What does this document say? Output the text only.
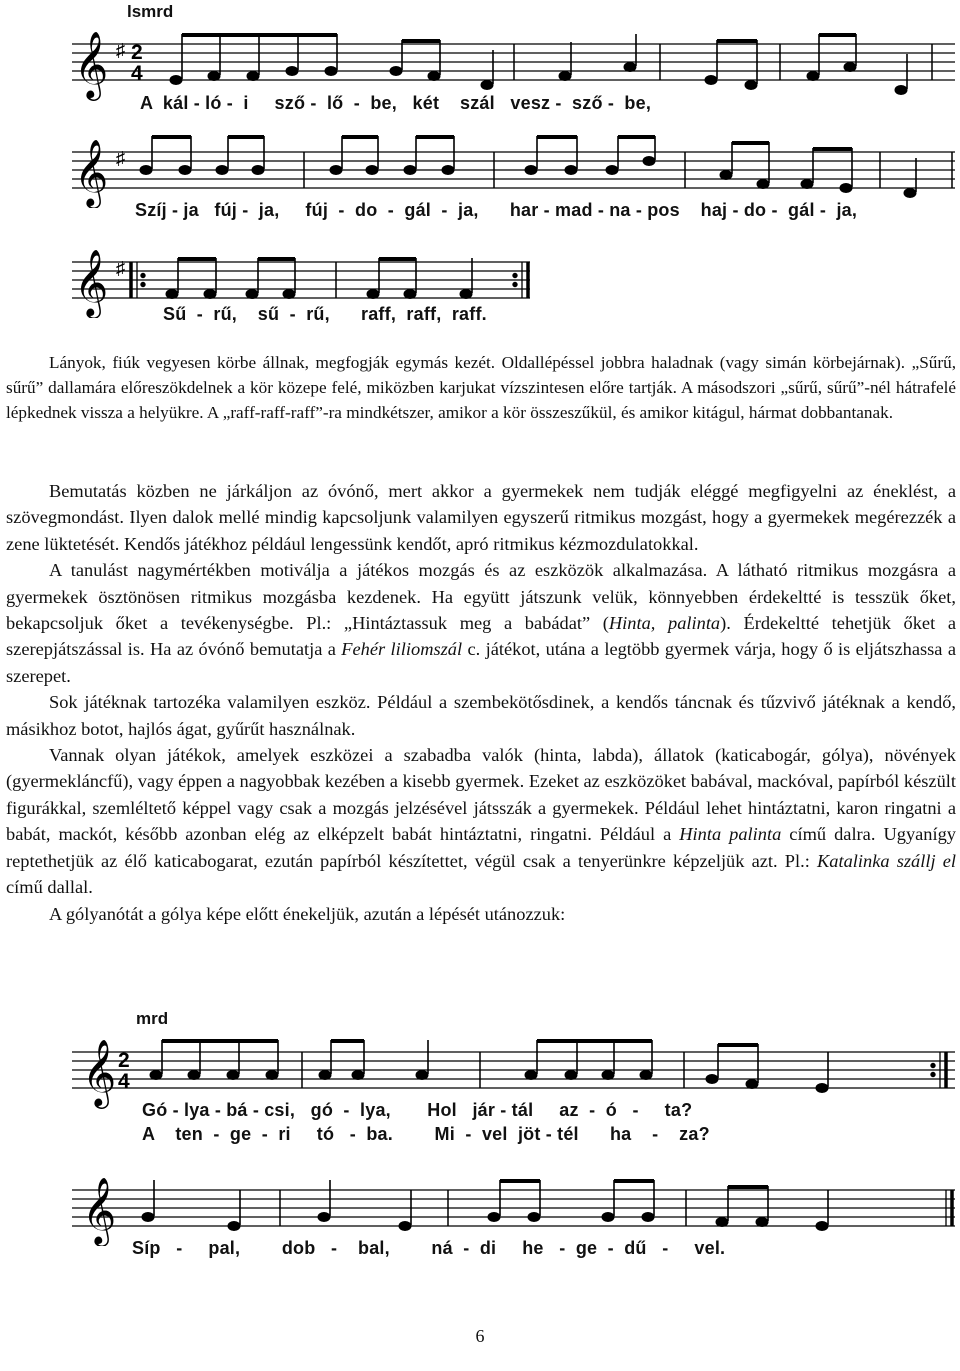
lsmrd
𝄞 ♯ 2
4
A  kál - ló -  i     sző -  lő  -  be,   két    szál   vesz -  sző -  be,
𝄞 ♯
Szíj - ja   fúj -  ja,     fúj  -  do  -  gál  -  ja,      har - mad - na - pos    haj - do -  gál -  ja,
𝄞 ♯
Sű  -  rű,    sű  -  rű,      raff,  raff,  raff.

Lányok, fiúk vegyesen körbe állnak, megfogják egymás kezét. Oldallépéssel jobbra haladnak (vagy simán körbejárnak). „Sűrű, sűrű” dallamára előreszökdelnek a kör közepe felé, miközben karjukat vízszintesen előre tartják. A másodszori „sűrű, sűrű”-nél hátrafelé lépkednek vissza a helyükre. A „raff-raff-raff”-ra mindkétszer, amikor a kör összeszűkül, és amikor kitágul, hármat dobbantanak.

Bemutatás közben ne járkáljon az óvónő, mert akkor a gyermekek nem tudják eléggé megfigyelni az éneklést, a szövegmondást. Ilyen dalok mellé mindig kapcsoljunk valamilyen egyszerű ritmikus mozgást, hogy a gyermekek megérezzék a zene lüktetését. Kendős játékhoz például lengessünk kendőt, apró ritmikus kézmozdulatokkal.

A tanulást nagymértékben motiválja a játékos mozgás és az eszközök alkalmazása. A látható ritmikus mozgásra a gyermekek ösztönösen ritmikus mozgásba kezdenek. Ha együtt játszunk velük, könnyebben érdekeltté is tesszük őket, bekapcsoljuk őket a tevékenységbe. Pl.: „Hintáztassuk meg a babádat” (Hinta, palinta). Érdekeltté tehetjük őket a szerepjátszással is. Ha az óvónő bemutatja a Fehér liliomszál c. játékot, utána a legtöbb gyermek várja, hogy ő is eljátszhassa a szerepet.

Sok játéknak tartozéka valamilyen eszköz. Például a szembekötősdinek, a kendős táncnak és tűzvivő játéknak a kendő, másikhoz botot, hajlós ágat, gyűrűt használnak.

Vannak olyan játékok, amelyek eszközei a szabadba valók (hinta, labda), állatok (katicabogár, gólya), növények (gyermekláncfű), vagy éppen a nagyobbak kezében a kisebb gyermek. Ezeket az eszközöket babával, mackóval, papírból készült figurákkal, szemléltető képpel vagy csak a mozgás jelzésével játsszák a gyermekek. Például lehet hintáztatni, karon ringatni a babát, mackót, később azonban elég az elképzelt babát hintáztatni, ringatni. Például a Hinta palinta című dalra. Ugyanígy reptethetjük az élő katicabogarat, ezután papírból készítettet, végül csak a tenyerünkre képzeljük azt. Pl.: Katalinka szállj el című dallal.

A gólyanótát a gólya képe előtt énekeljük, azután a lépését utánozzuk:

mrd
𝄞 2
4
Gó - lya - bá - csi,   gó  -  lya,       Hol   jár - tál     az  -  ó   -     ta?
A    ten  -  ge  -  ri     tó   -  ba.        Mi  -  vel  jöt - tél      ha    -    za?
𝄞
Síp   -     pal,        dob   -    bal,        ná  -  di     he   -  ge  -  dű   -     vel.
6
